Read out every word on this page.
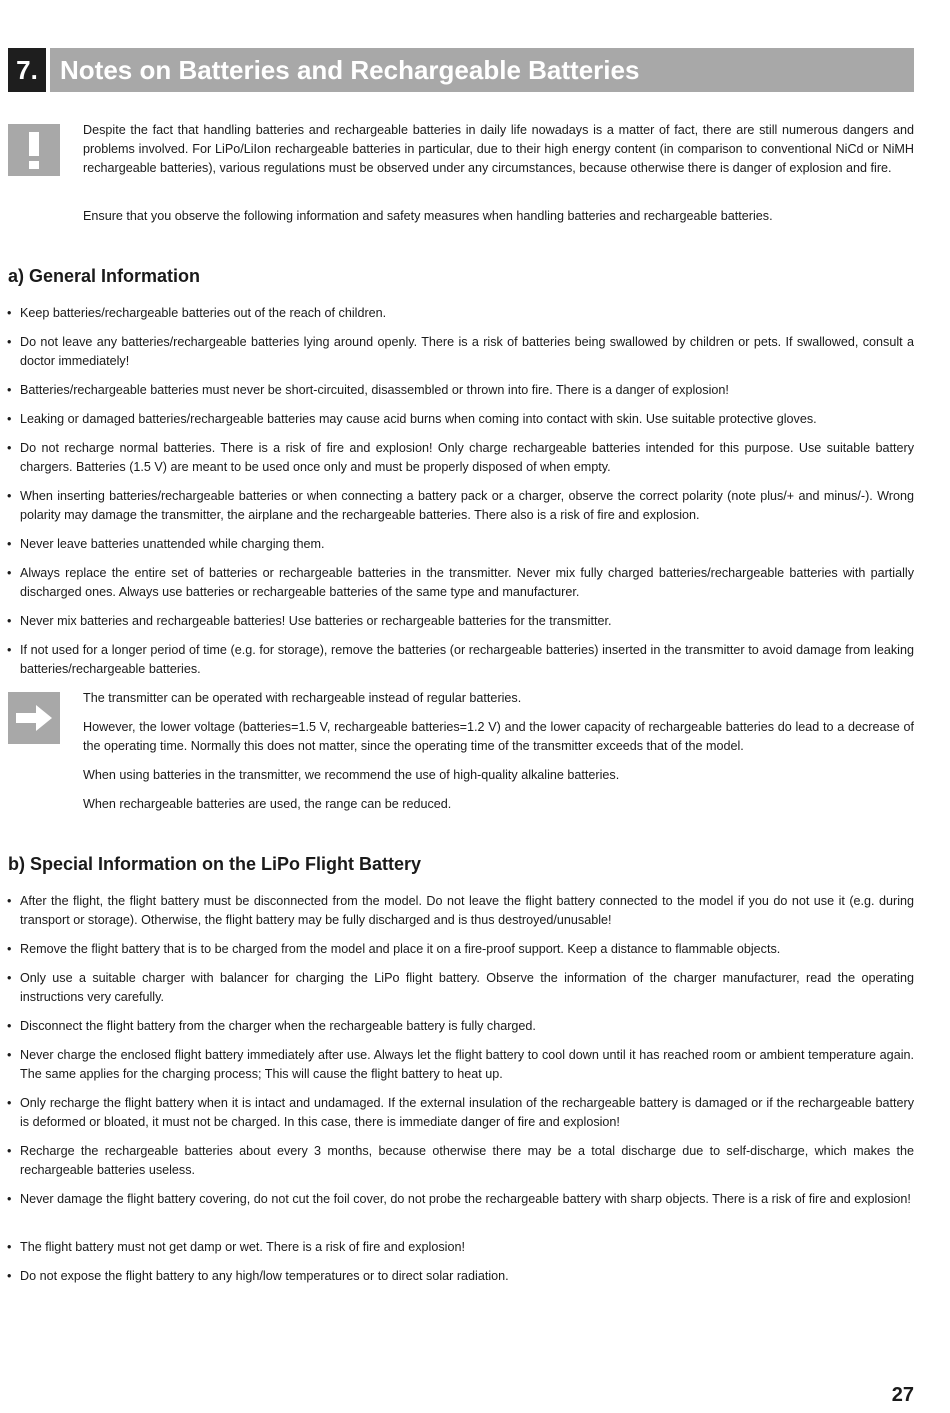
7. Notes on Batteries and Rechargeable Batteries

Despite the fact that handling batteries and rechargeable batteries in daily life nowadays is a matter of fact, there are still numerous dangers and problems involved. For LiPo/LiIon rechargeable batteries in particular, due to their high energy content (in comparison to conventional NiCd or NiMH rechargeable batteries), various regulations must be observed under any circumstances, because otherwise there is danger of explosion and fire.

Ensure that you observe the following information and safety measures when handling batteries and rechargeable batteries.

a) General Information

• Keep batteries/rechargeable batteries out of the reach of children.

• Do not leave any batteries/rechargeable batteries lying around openly. There is a risk of batteries being swallowed by children or pets. If swallowed, consult a doctor immediately!

• Batteries/rechargeable batteries must never be short-circuited, disassembled or thrown into fire. There is a danger of explosion!

• Leaking or damaged batteries/rechargeable batteries may cause acid burns when coming into contact with skin. Use suitable protective gloves.

• Do not recharge normal batteries. There is a risk of fire and explosion! Only charge rechargeable batteries intended for this purpose. Use suitable battery chargers. Batteries (1.5 V) are meant to be used once only and must be properly disposed of when empty.

• When inserting batteries/rechargeable batteries or when connecting a battery pack or a charger, observe the correct polarity (note plus/+ and minus/-). Wrong polarity may damage the transmitter, the airplane and the rechargeable batteries. There also is a risk of fire and explosion.

• Never leave batteries unattended while charging them.

• Always replace the entire set of batteries or rechargeable batteries in the transmitter. Never mix fully charged batteries/rechargeable batteries with partially discharged ones. Always use batteries or rechargeable batteries of the same type and manufacturer.

• Never mix batteries and rechargeable batteries! Use batteries or rechargeable batteries for the transmitter.

• If not used for a longer period of time (e.g. for storage), remove the batteries (or rechargeable batteries) inserted in the transmitter to avoid damage from leaking batteries/rechargeable batteries.

The transmitter can be operated with rechargeable instead of regular batteries.

However, the lower voltage (batteries=1.5 V, rechargeable batteries=1.2 V) and the lower capacity of rechargeable batteries do lead to a decrease of the operating time. Normally this does not matter, since the operating time of the transmitter exceeds that of the model.

When using batteries in the transmitter, we recommend the use of high-quality alkaline batteries.

When rechargeable batteries are used, the range can be reduced.

b) Special Information on the LiPo Flight Battery

• After the flight, the flight battery must be disconnected from the model. Do not leave the flight battery connected to the model if you do not use it (e.g. during transport or storage). Otherwise, the flight battery may be fully discharged and is thus destroyed/unusable!

• Remove the flight battery that is to be charged from the model and place it on a fire-proof support. Keep a distance to flammable objects.

• Only use a suitable charger with balancer for charging the LiPo flight battery. Observe the information of the charger manufacturer, read the operating instructions very carefully.

• Disconnect the flight battery from the charger when the rechargeable battery is fully charged.

• Never charge the enclosed flight battery immediately after use. Always let the flight battery to cool down until it has reached room or ambient temperature again. The same applies for the charging process; This will cause the flight battery to heat up.

• Only recharge the flight battery when it is intact and undamaged. If the external insulation of the rechargeable battery is damaged or if the rechargeable battery is deformed or bloated, it must not be charged. In this case, there is immediate danger of fire and explosion!

• Recharge the rechargeable batteries about every 3 months, because otherwise there may be a total discharge due to self-discharge, which makes the rechargeable batteries useless.

• Never damage the flight battery covering, do not cut the foil cover, do not probe the rechargeable battery with sharp objects. There is a risk of fire and explosion!

• The flight battery must not get damp or wet. There is a risk of fire and explosion!

• Do not expose the flight battery to any high/low temperatures or to direct solar radiation.

27
